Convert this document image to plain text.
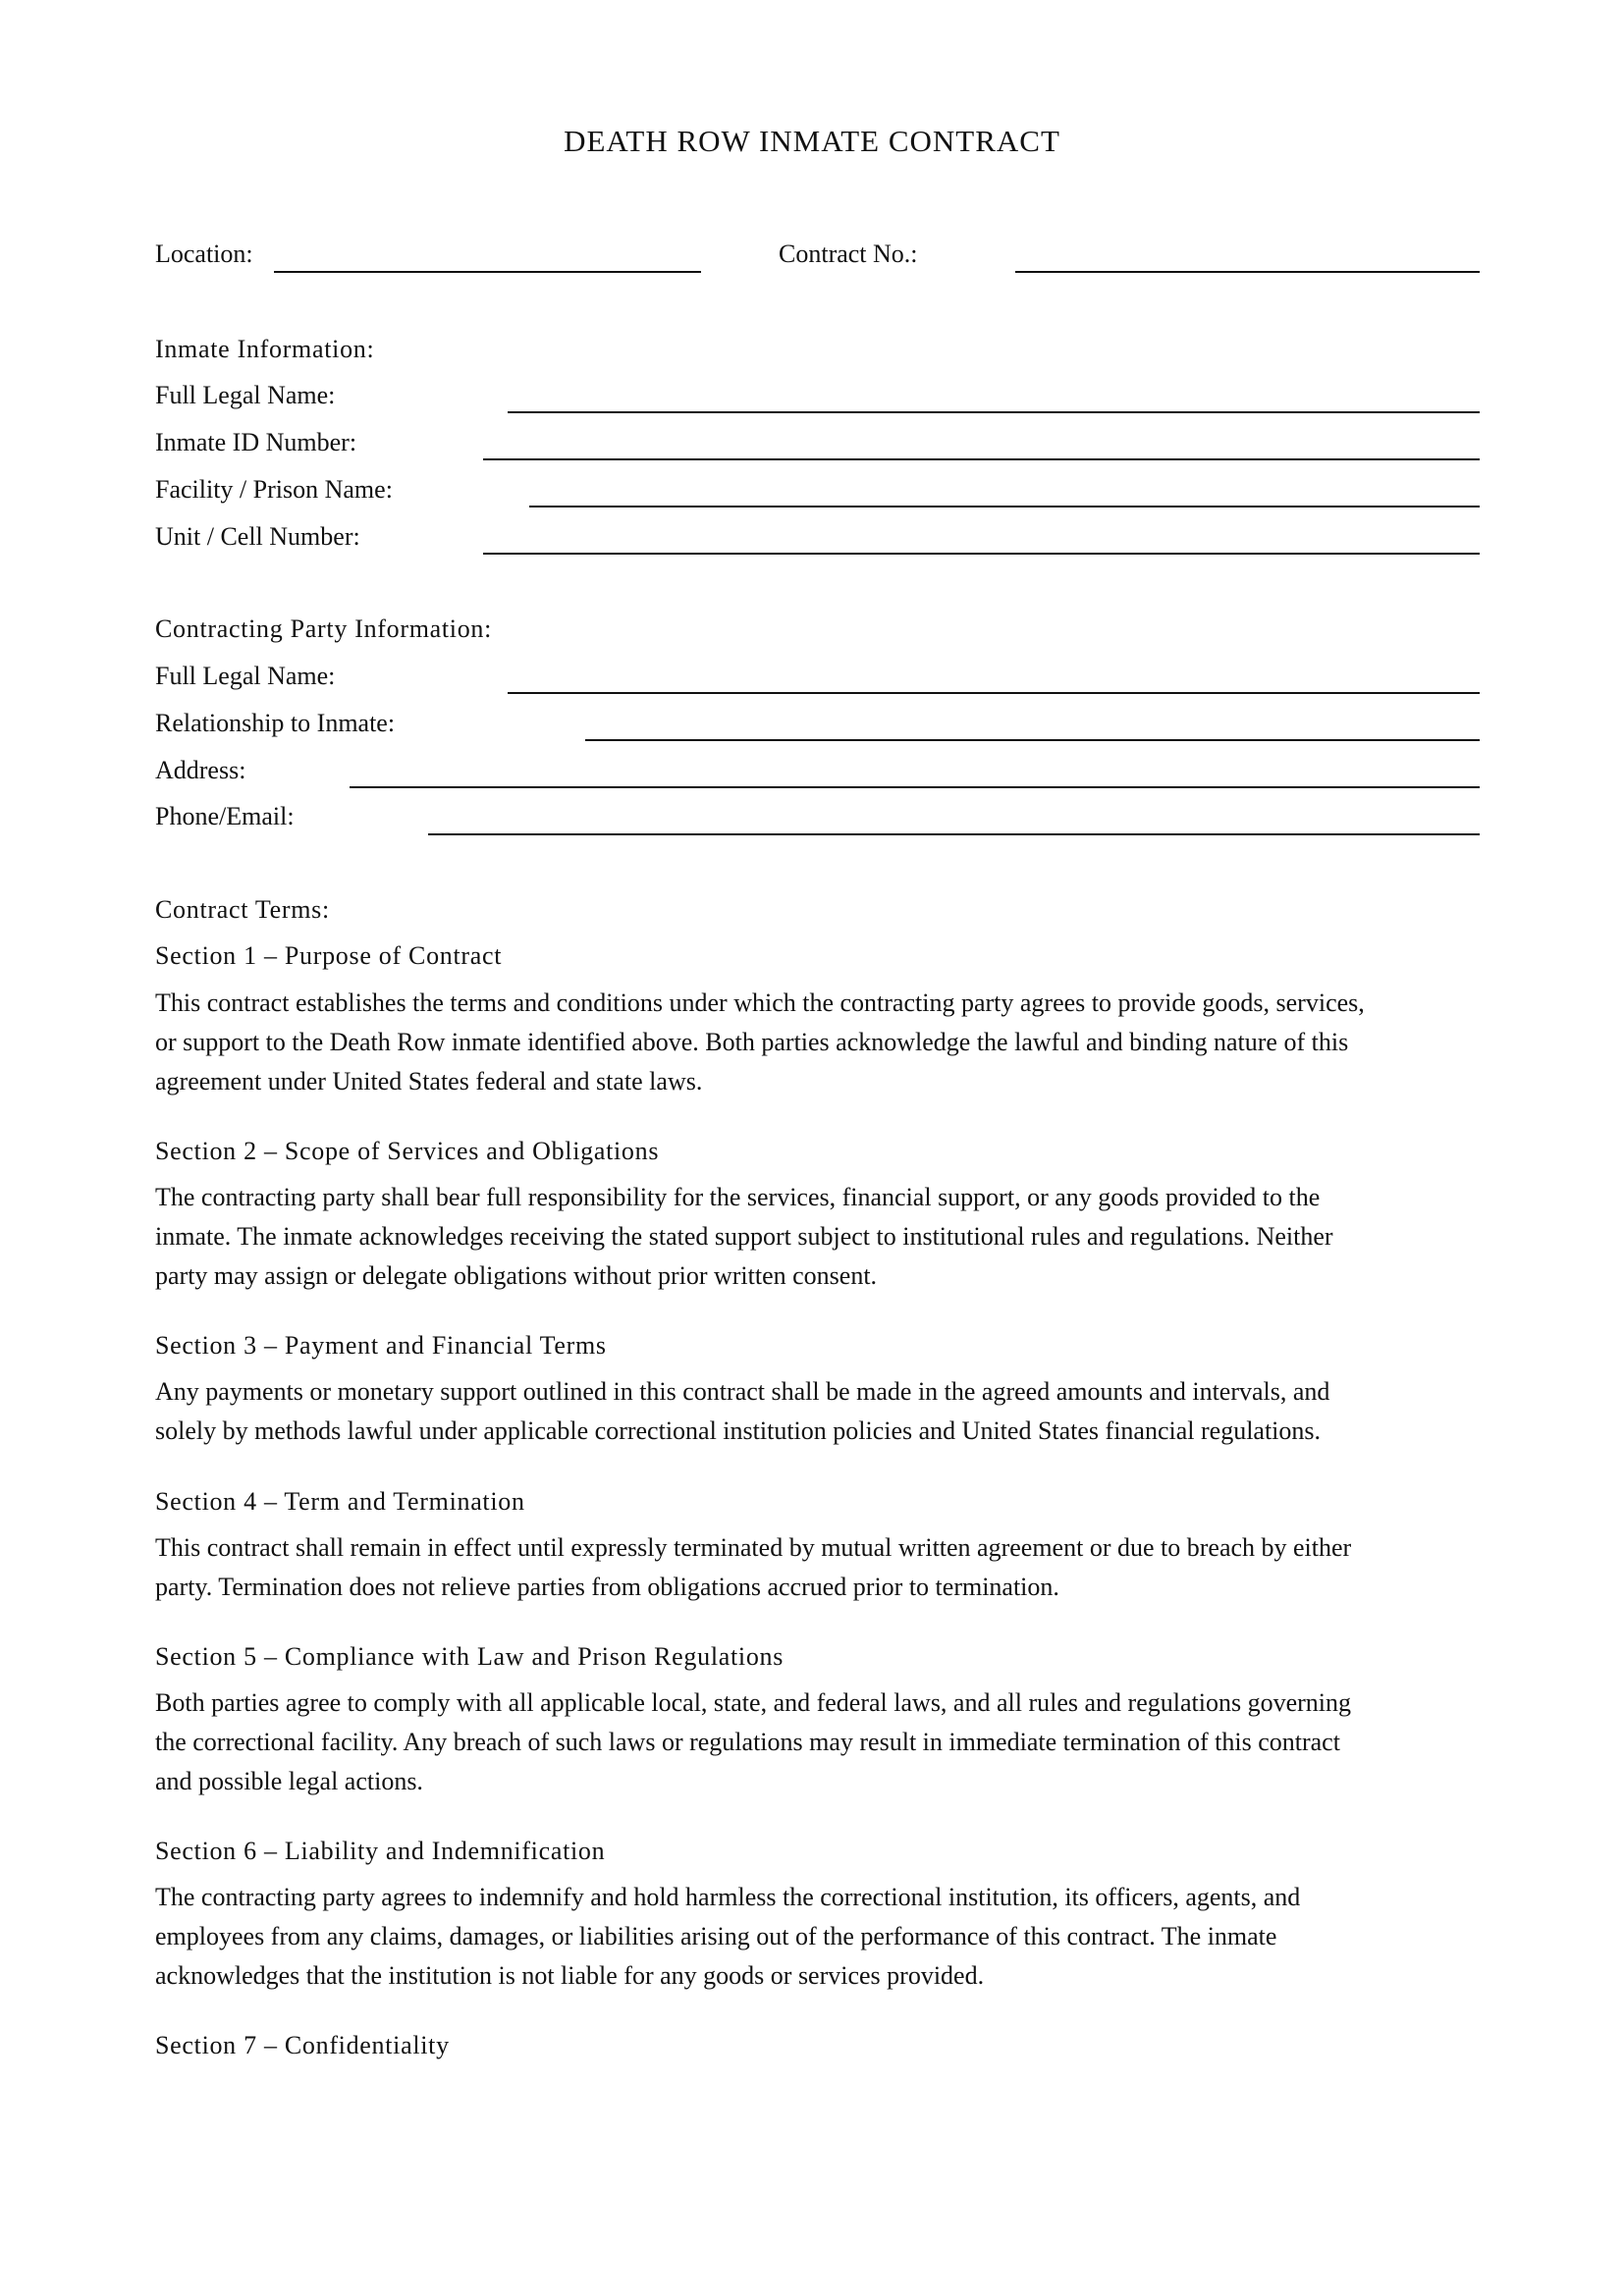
DEATH ROW INMATE CONTRACT
Location:	Contract No.:
Inmate Information:
Full Legal Name:
Inmate ID Number:
Facility / Prison Name:
Unit / Cell Number:
Contracting Party Information:
Full Legal Name:
Relationship to Inmate:
Address:
Phone/Email:
Contract Terms:
Section 1 – Purpose of Contract
This contract establishes the terms and conditions under which the contracting party agrees to provide goods, services,
or support to the Death Row inmate identified above. Both parties acknowledge the lawful and binding nature of this
agreement under United States federal and state laws.
Section 2 – Scope of Services and Obligations
The contracting party shall bear full responsibility for the services, financial support, or any goods provided to the
inmate. The inmate acknowledges receiving the stated support subject to institutional rules and regulations. Neither
party may assign or delegate obligations without prior written consent.
Section 3 – Payment and Financial Terms
Any payments or monetary support outlined in this contract shall be made in the agreed amounts and intervals, and
solely by methods lawful under applicable correctional institution policies and United States financial regulations.
Section 4 – Term and Termination
This contract shall remain in effect until expressly terminated by mutual written agreement or due to breach by either
party. Termination does not relieve parties from obligations accrued prior to termination.
Section 5 – Compliance with Law and Prison Regulations
Both parties agree to comply with all applicable local, state, and federal laws, and all rules and regulations governing
the correctional facility. Any breach of such laws or regulations may result in immediate termination of this contract
and possible legal actions.
Section 6 – Liability and Indemnification
The contracting party agrees to indemnify and hold harmless the correctional institution, its officers, agents, and
employees from any claims, damages, or liabilities arising out of the performance of this contract. The inmate
acknowledges that the institution is not liable for any goods or services provided.
Section 7 – Confidentiality
